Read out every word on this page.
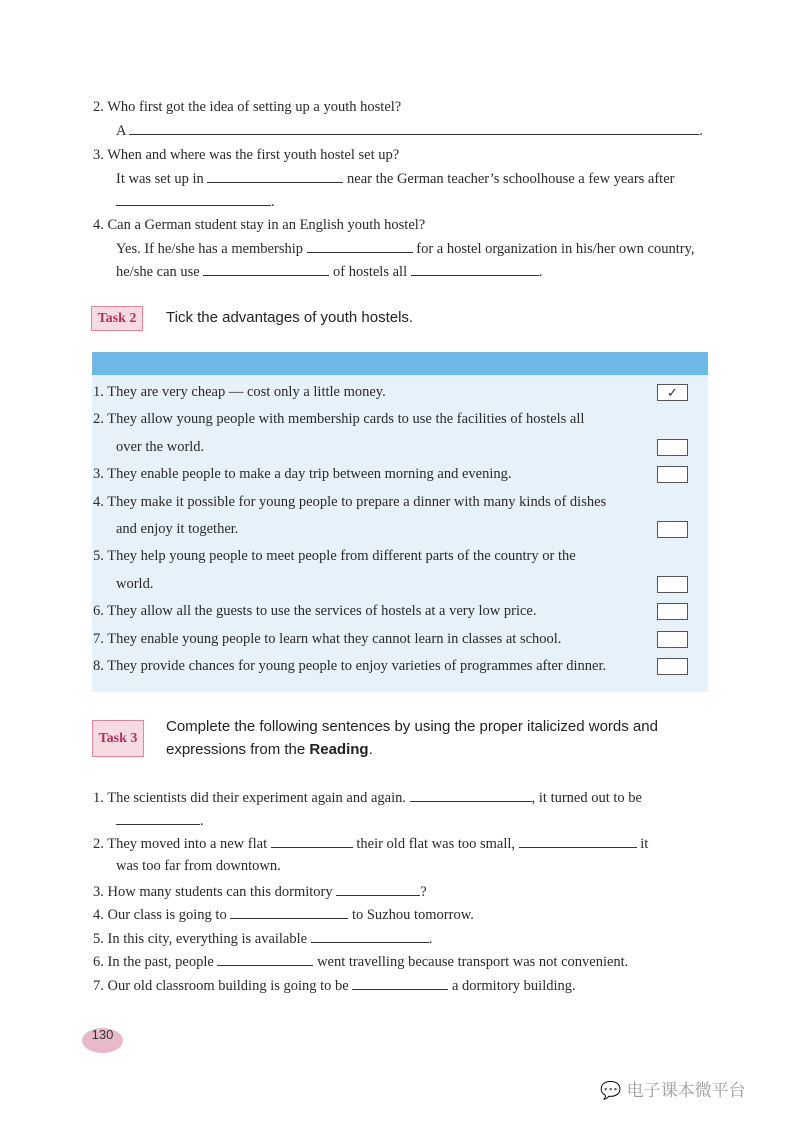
2. Who first got the idea of setting up a youth hostel?
A	.
3. When and where was the first youth hostel set up?
It was set up in	near the German teacher’s schoolhouse a few years after
.
4. Can a German student stay in an English youth hostel?
Yes. If he/she has a membership	for a hostel organization in his/her own country,
he/she can use	of hostels all	.
Task 2	Tick the advantages of youth hostels.
1. They are very cheap — cost only a little money.	✓
2. They allow young people with membership cards to use the facilities of hostels all
over the world.
3. They enable people to make a day trip between morning and evening.
4. They make it possible for young people to prepare a dinner with many kinds of dishes
and enjoy it together.
5. They help young people to meet people from different parts of the country or the
world.
6. They allow all the guests to use the services of hostels at a very low price.
7. They enable young people to learn what they cannot learn in classes at school.
8. They provide chances for young people to enjoy varieties of programmes after dinner.
Task 3
Complete the following sentences by using the proper italicized words and
expressions from the Reading.
1. The scientists did their experiment again and again.	, it turned out to be
.
2. They moved into a new flat	their old flat was too small,	it
was too far from downtown.
3. How many students can this dormitory	?
4. Our class is going to	to Suzhou tomorrow.
5. In this city, everything is available	.
6. In the past, people	went travelling because transport was not convenient.
7. Our old classroom building is going to be	a dormitory building.
130
💬 电子课本微平台
